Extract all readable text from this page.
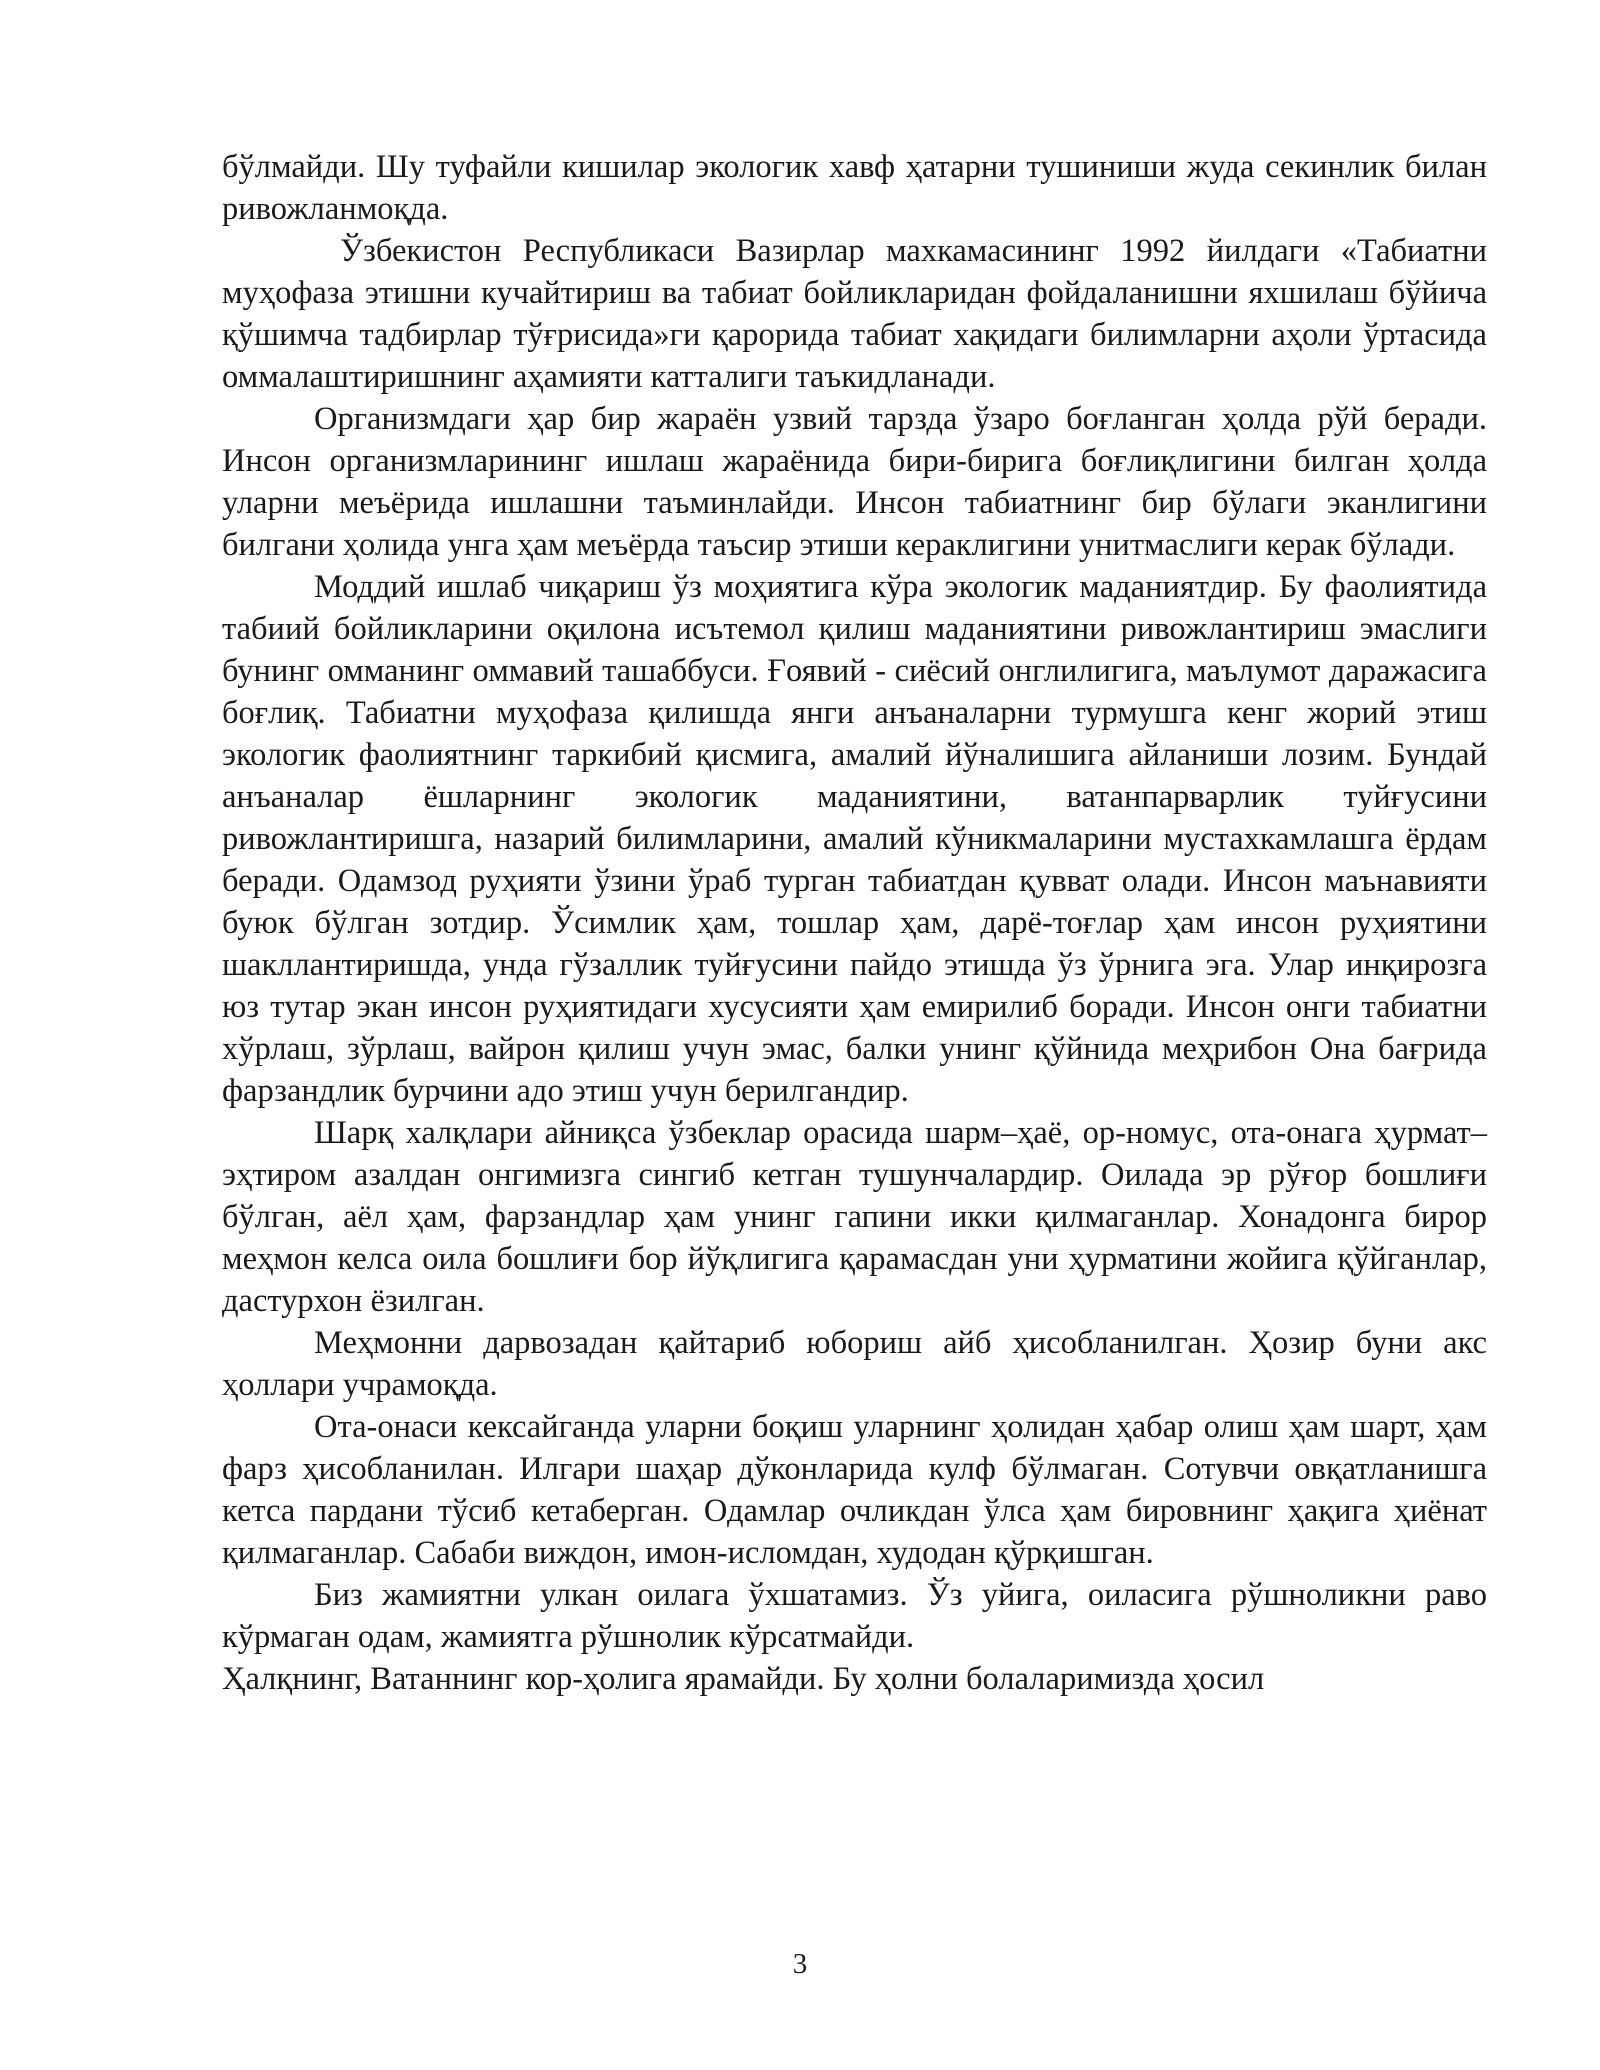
бўлмайди. Шу туфайли кишилар экологик хавф ҳатарни тушиниши жуда секинлик билан ривожланмоқда.

Ўзбекистон Республикаси Вазирлар махкамасининг 1992 йилдаги «Табиатни муҳофаза этишни кучайтириш ва табиат бойликларидан фойдаланишни яхшилаш бўйича қўшимча тадбирлар тўғрисида»ги қарорида табиат хақидаги билимларни аҳоли ўртасида оммалаштиришнинг аҳамияти катталиги таъкидланади.

Организмдаги ҳар бир жараён узвий тарзда ўзаро боғланган ҳолда рўй беради. Инсон организмларининг ишлаш жараёнида бири-бирига боғлиқлигини билган ҳолда уларни меъёрида ишлашни таъминлайди. Инсон табиатнинг бир бўлаги эканлигини билгани ҳолида унга ҳам меъёрда таъсир этиши кераклигини унитмаслиги керак бўлади.

Моддий ишлаб чиқариш ўз моҳиятига кўра экологик маданиятдир. Бу фаолиятида табиий бойликларини оқилона исътемол қилиш маданиятини ривожлантириш эмаслиги бунинг омманинг оммавий ташаббуси. Ғоявий - сиёсий онглилигига, маълумот даражасига боғлиқ. Табиатни муҳофаза қилишда янги анъаналарни турмушга кенг жорий этиш экологик фаолиятнинг таркибий қисмига, амалий йўналишига айланиши лозим. Бундай анъаналар ёшларнинг экологик маданиятини, ватанпарварлик туйғусини ривожлантиришга, назарий билимларини, амалий кўникмаларини мустахкамлашга ёрдам беради. Одамзод руҳияти ўзини ўраб турган табиатдан қувват олади. Инсон маънавияти буюк бўлган зотдир. Ўсимлик ҳам, тошлар ҳам, дарё-тоғлар ҳам инсон руҳиятини шакллантиришда, унда гўзаллик туйғусини пайдо этишда ўз ўрнига эга. Улар инқирозга юз тутар экан инсон руҳиятидаги хусусияти ҳам емирилиб боради. Инсон онги табиатни хўрлаш, зўрлаш, вайрон қилиш учун эмас, балки унинг қўйнида меҳрибон Она бағрида фарзандлик бурчини адо этиш учун берилгандир.

Шарқ халқлари айниқса ўзбеклар орасида шарм–ҳаё, ор-номус, ота-онага ҳурмат–эҳтиром азалдан онгимизга сингиб кетган тушунчалардир. Оилада эр рўғор бошлиғи бўлган, аёл ҳам, фарзандлар ҳам унинг гапини икки қилмаганлар. Хонадонга бирор меҳмон келса оила бошлиғи бор йўқлигига қарамасдан уни ҳурматини жойига қўйганлар, дастурхон ёзилган.

Меҳмонни дарвозадан қайтариб юбориш айб ҳисобланилган. Ҳозир буни акс ҳоллари учрамоқда.

Ота-онаси кексайганда уларни боқиш уларнинг ҳолидан ҳабар олиш ҳам шарт, ҳам фарз ҳисобланилан. Илгари шаҳар дўконларида кулф бўлмаган. Сотувчи овқатланишга кетса пардани тўсиб кетаберган. Одамлар очликдан ўлса ҳам бировнинг ҳақига ҳиёнат қилмаганлар. Сабаби виждон, имон-исломдан, худодан қўрқишган.

Биз жамиятни улкан оилага ўхшатамиз. Ўз уйига, оиласига рўшноликни раво кўрмаган одам, жамиятга рўшнолик кўрсатмайди.

Ҳалқнинг, Ватаннинг кор-ҳолига ярамайди. Бу ҳолни болаларимизда ҳосил

3
